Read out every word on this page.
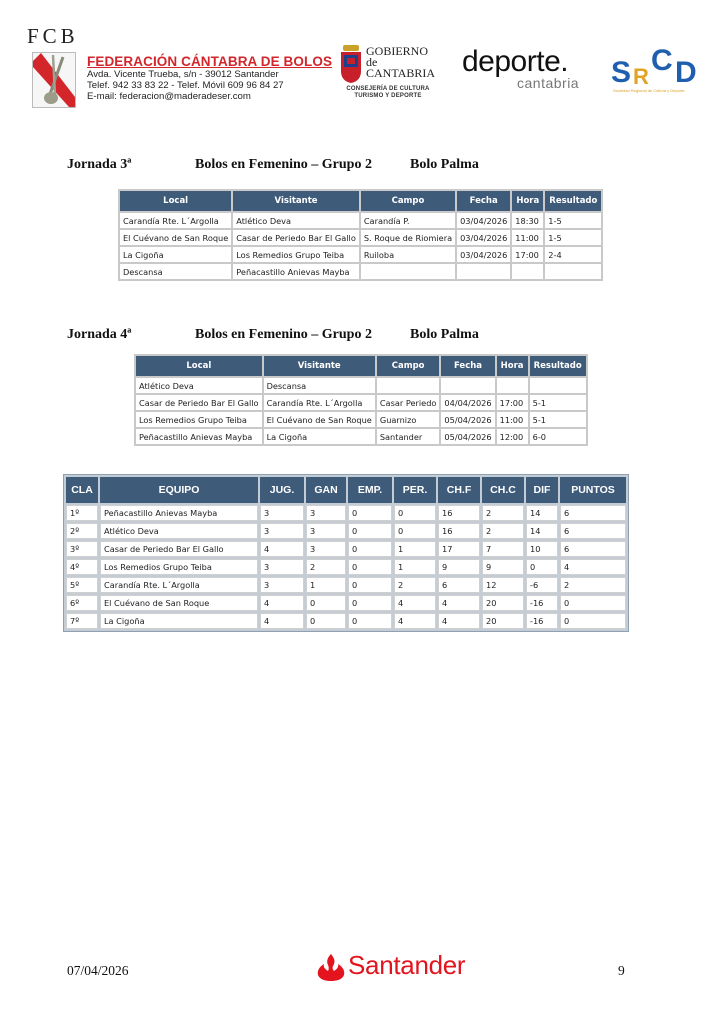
FCB
FEDERACIÓN CÁNTABRA DE BOLOS
Avda. Vicente Trueba, s/n - 39012 Santander
Telef. 942 33 83 22 - Telef. Móvil 609 96 84 27
E-mail: federacion@maderadeser.com
GOBIERNO
de
CANTABRIA
CONSEJERÍA DE CULTURA
TURISMO Y DEPORTE
deporte.
cantabria S R C D
Sociedad Regional de Cultura y Deporte
Jornada 3ª	Bolos en Femenino – Grupo 2	Bolo Palma
Local	Visitante	Campo	Fecha	Hora	Resultado
Carandía Rte. L´Argolla	Atlético Deva	Carandía P.	03/04/2026	18:30	1-5
El Cuévano de San Roque	Casar de Periedo Bar El Gallo	S. Roque de Riomiera	03/04/2026	11:00	1-5
La Cigoña	Los Remedios Grupo Teiba	Ruiloba	03/04/2026	17:00	2-4
Descansa	Peñacastillo Anievas Mayba				
Jornada 4ª	Bolos en Femenino – Grupo 2	Bolo Palma
Local	Visitante	Campo	Fecha	Hora	Resultado
Atlético Deva	Descansa				
Casar de Periedo Bar El Gallo	Carandía Rte. L´Argolla	Casar Periedo	04/04/2026	17:00	5-1
Los Remedios Grupo Teiba	El Cuévano de San Roque	Guarnizo	05/04/2026	11:00	5-1
Peñacastillo Anievas Mayba	La Cigoña	Santander	05/04/2026	12:00	6-0
CLA	EQUIPO	JUG.	GAN	EMP.	PER.	CH.F	CH.C	DIF	PUNTOS
1º	Peñacastillo Anievas Mayba	3	3	0	0	16	2	14	6
2º	Atlético Deva	3	3	0	0	16	2	14	6
3º	Casar de Periedo Bar El Gallo	4	3	0	1	17	7	10	6
4º	Los Remedios Grupo Teiba	3	2	0	1	9	9	0	4
5º	Carandía Rte. L´Argolla	3	1	0	2	6	12	-6	2
6º	El Cuévano de San Roque	4	0	0	4	4	20	-16	0
7º	La Cigoña	4	0	0	4	4	20	-16	0
07/04/2026	Santander	9
